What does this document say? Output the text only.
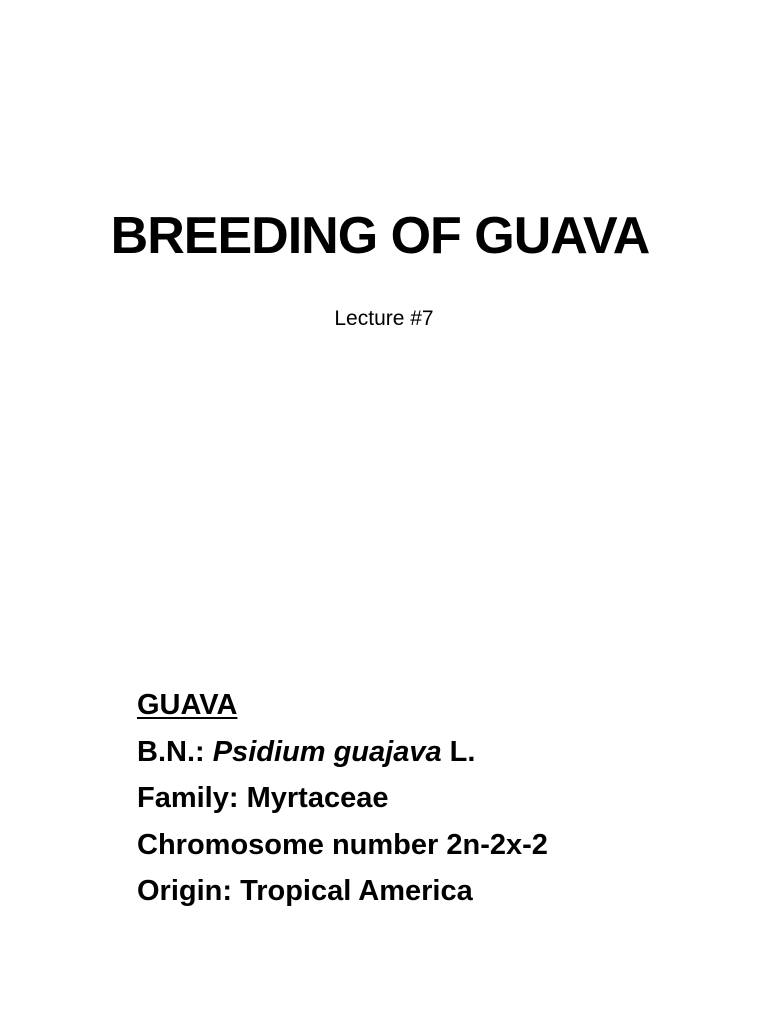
BREEDING OF GUAVA
Lecture #7
GUAVA
B.N.: Psidium guajava L.
Family: Myrtaceae
Chromosome number 2n-2x-2
Origin: Tropical America
